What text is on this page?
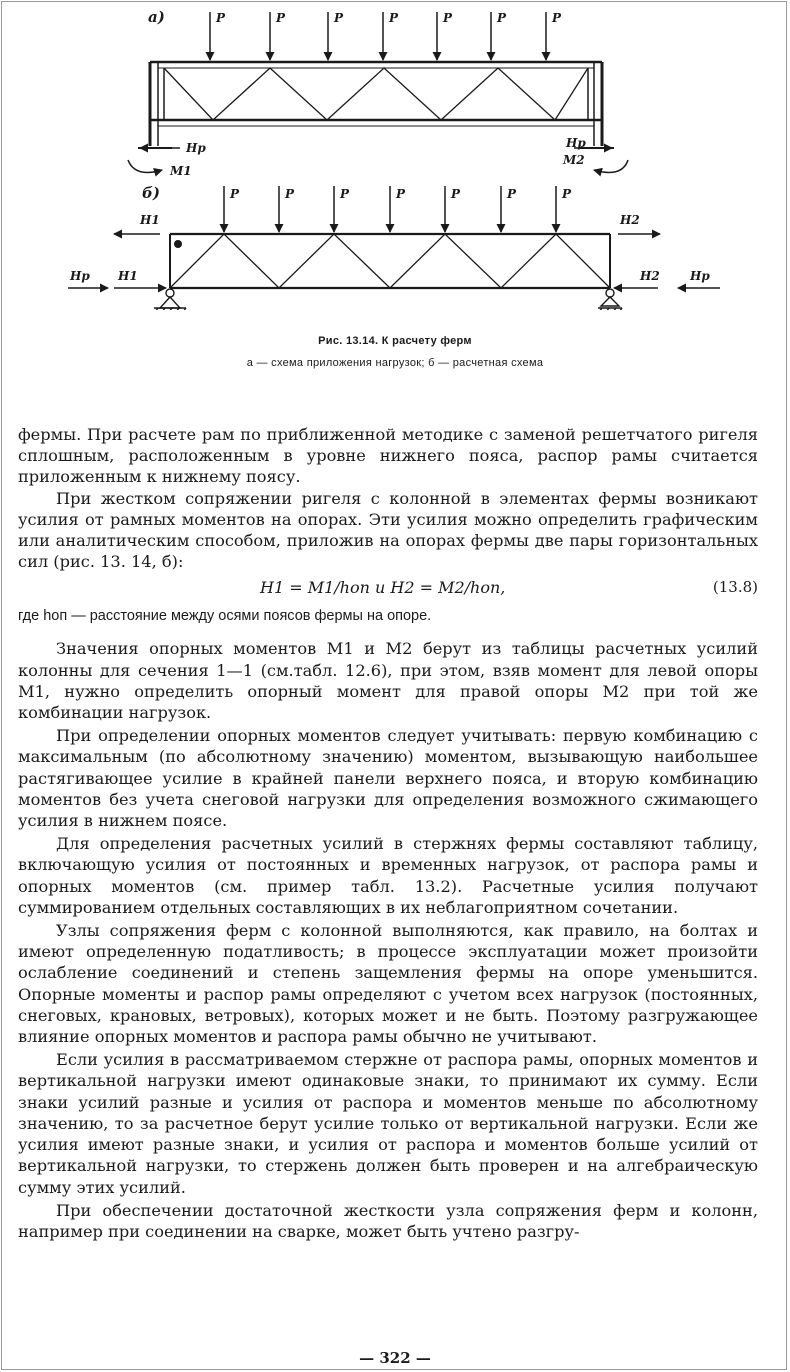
а)	P	P	P	P	P	P	P
Hр
M1
Hр
M2
б)	P	P	P	P	P	P	P
H1	H2
Hр H1	H2	Hр
Рис. 13.14. К расчету ферм
а — схема приложения нагрузок; б — расчетная схема

фермы. При расчете рам по приближенной методике с заменой решетчатого ригеля сплошным, расположенным в уровне нижнего пояса, распор рамы считается приложенным к нижнему поясу.

При жестком сопряжении ригеля с колонной в элементах фермы возникают усилия от рамных моментов на опорах. Эти усилия можно определить графическим или аналитическим способом, приложив на опорах фермы две пары горизонтальных сил (рис. 13. 14, б):

H1 = M1/hоп и H2 = M2/hоп,	(13.8)

где hоп — расстояние между осями поясов фермы на опоре.

Значения опорных моментов M1 и M2 берут из таблицы расчетных усилий колонны для сечения 1—1 (см.табл. 12.6), при этом, взяв момент для левой опоры M1, нужно определить опорный момент для правой опоры M2 при той же комбинации нагрузок.

При определении опорных моментов следует учитывать: первую комбинацию с максимальным (по абсолютному значению) моментом, вызывающую наибольшее растягивающее усилие в крайней панели верхнего пояса, и вторую комбинацию моментов без учета снеговой нагрузки для определения возможного сжимающего усилия в нижнем поясе.

Для определения расчетных усилий в стержнях фермы составляют таблицу, включающую усилия от постоянных и временных нагрузок, от распора рамы и опорных моментов (см. пример табл. 13.2). Расчетные усилия получают суммированием отдельных составляющих в их неблагоприятном сочетании.

Узлы сопряжения ферм с колонной выполняются, как правило, на болтах и имеют определенную податливость; в процессе эксплуатации может произойти ослабление соединений и степень защемления фермы на опоре уменьшится. Опорные моменты и распор рамы определяют с учетом всех нагрузок (постоянных, снеговых, крановых, ветровых), которых может и не быть. Поэтому разгружающее влияние опорных моментов и распора рамы обычно не учитывают.

Если усилия в рассматриваемом стержне от распора рамы, опорных моментов и вертикальной нагрузки имеют одинаковые знаки, то принимают их сумму. Если знаки усилий разные и усилия от распора и моментов меньше по абсолютному значению, то за расчетное берут усилие только от вертикальной нагрузки. Если же усилия имеют разные знаки, и усилия от распора и моментов больше усилий от вертикальной нагрузки, то стержень должен быть проверен и на алгебраическую сумму этих усилий.

При обеспечении достаточной жесткости узла сопряжения ферм и колонн, например при соединении на сварке, может быть учтено разгру-

— 322 —
